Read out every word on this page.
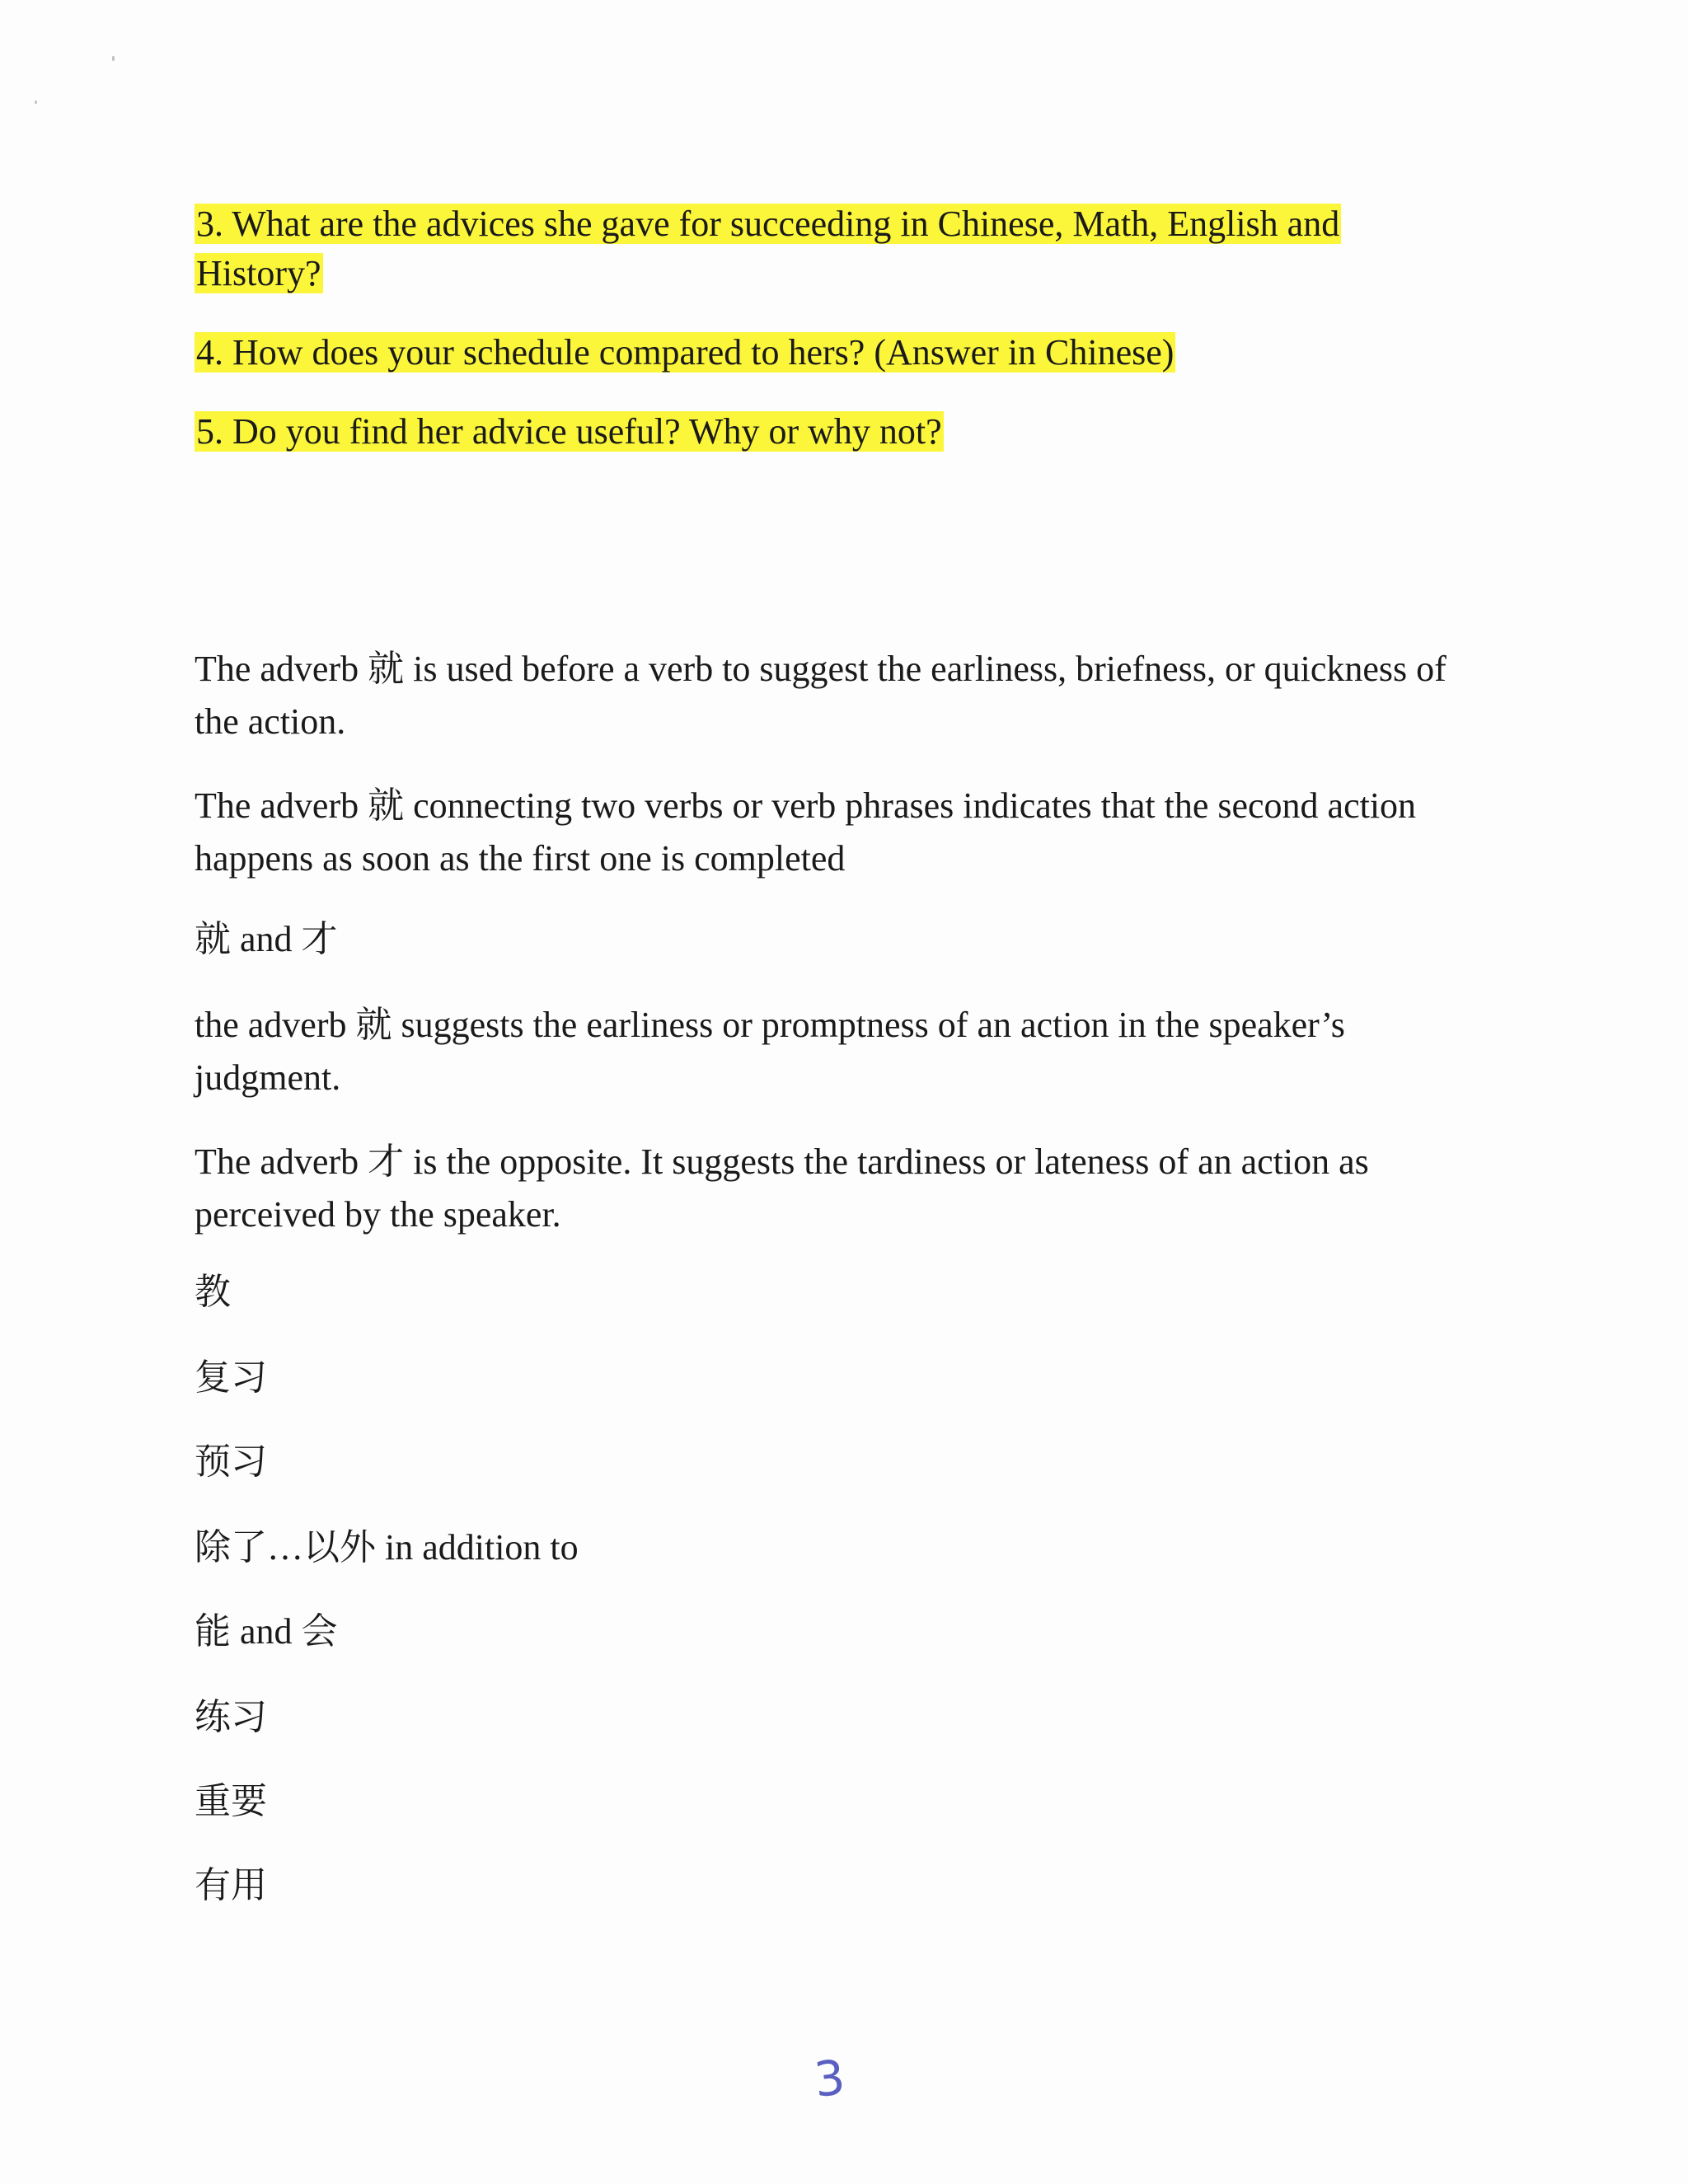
3. What are the advices she gave for succeeding in Chinese, Math, English and History?

4. How does your schedule compared to hers? (Answer in Chinese)

5. Do you find her advice useful? Why or why not?

The adverb 就 is used before a verb to suggest the earliness, briefness, or quickness of the action.

The adverb 就 connecting two verbs or verb phrases indicates that the second action happens as soon as the first one is completed

就 and 才

the adverb 就 suggests the earliness or promptness of an action in the speaker’s judgment.

The adverb 才 is the opposite. It suggests the tardiness or lateness of an action as perceived by the speaker.

教

复习

预习

除了…以外 in addition to

能 and 会

练习

重要

有用

3
